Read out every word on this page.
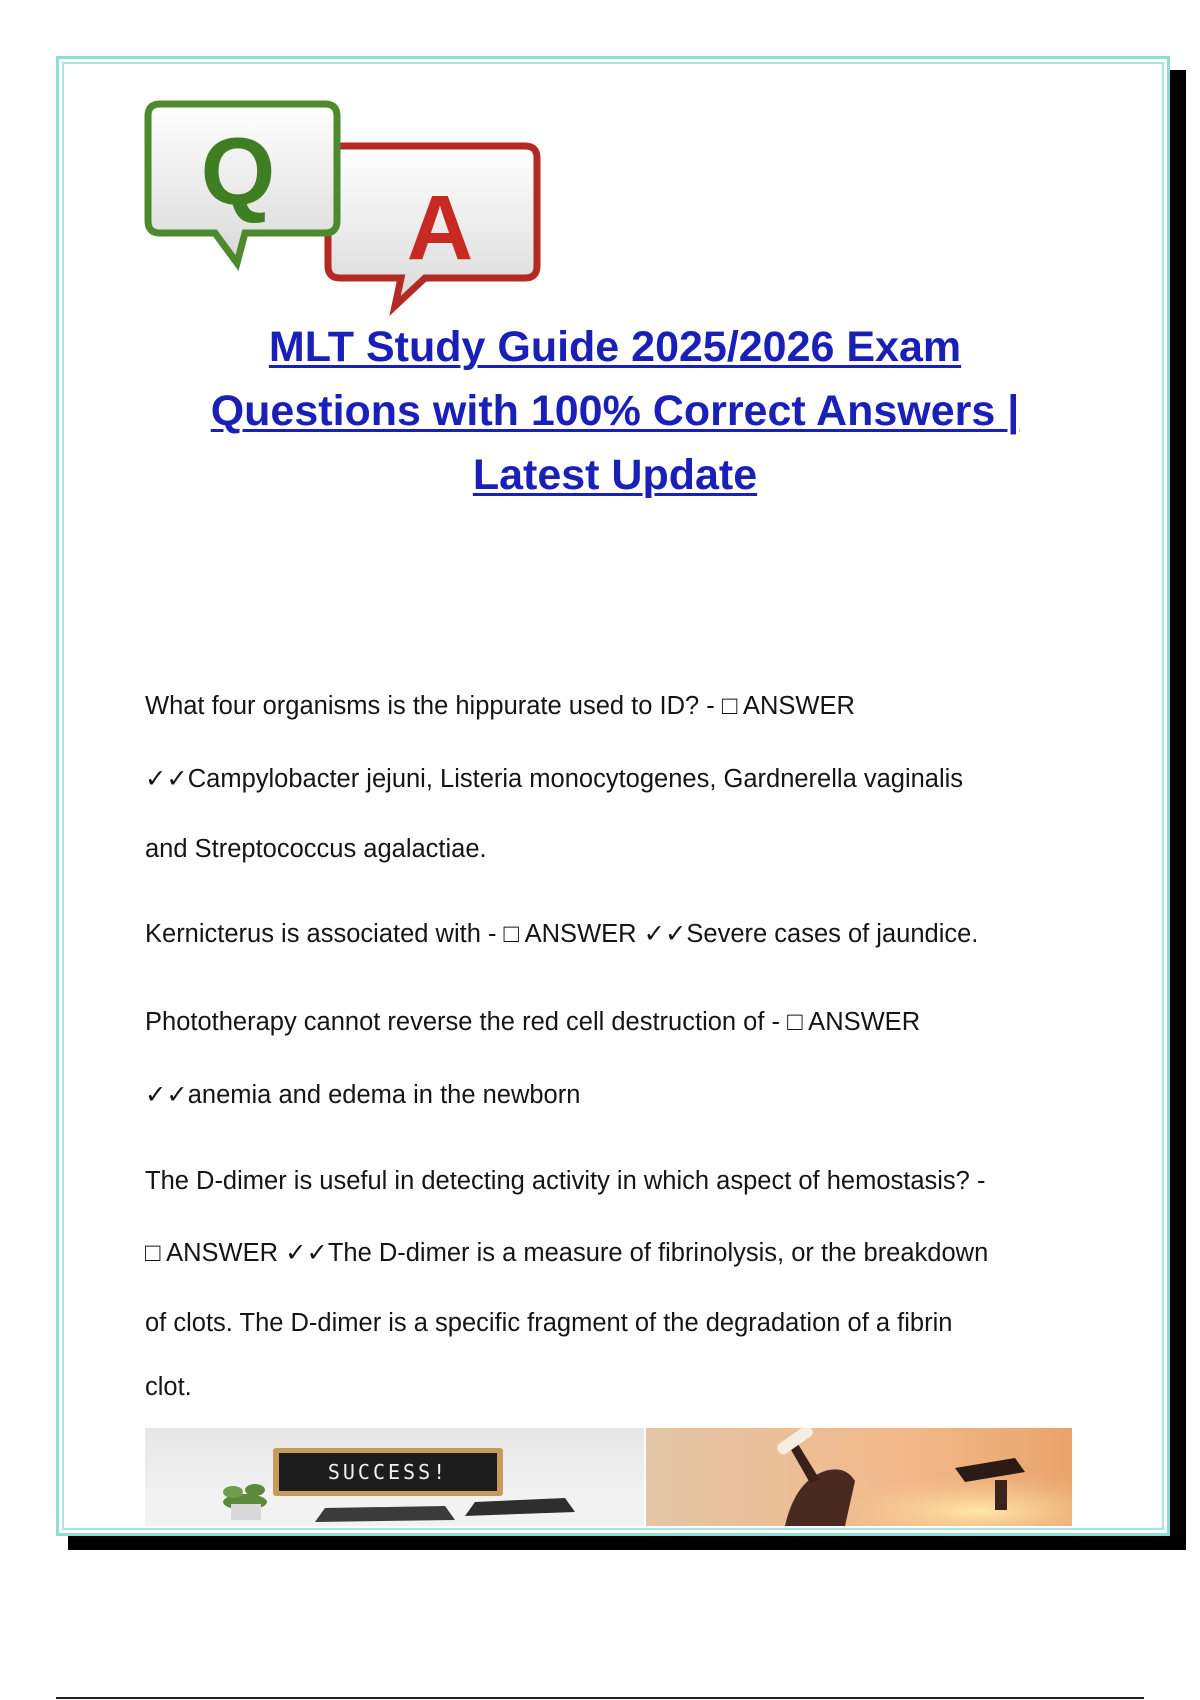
Q
A
MLT Study Guide 2025/2026 Exam
Questions with 100% Correct Answers |
Latest Update
What four organisms is the hippurate used to ID? - □ ANSWER
✓✓Campylobacter jejuni, Listeria monocytogenes, Gardnerella vaginalis
and Streptococcus agalactiae.
Kernicterus is associated with - □ ANSWER ✓✓Severe cases of jaundice.
Phototherapy cannot reverse the red cell destruction of - □ ANSWER
✓✓anemia and edema in the newborn
The D-dimer is useful in detecting activity in which aspect of hemostasis? -
□ ANSWER ✓✓The D-dimer is a measure of fibrinolysis, or the breakdown
of clots. The D-dimer is a specific fragment of the degradation of a fibrin
clot.
SUCCESS!
